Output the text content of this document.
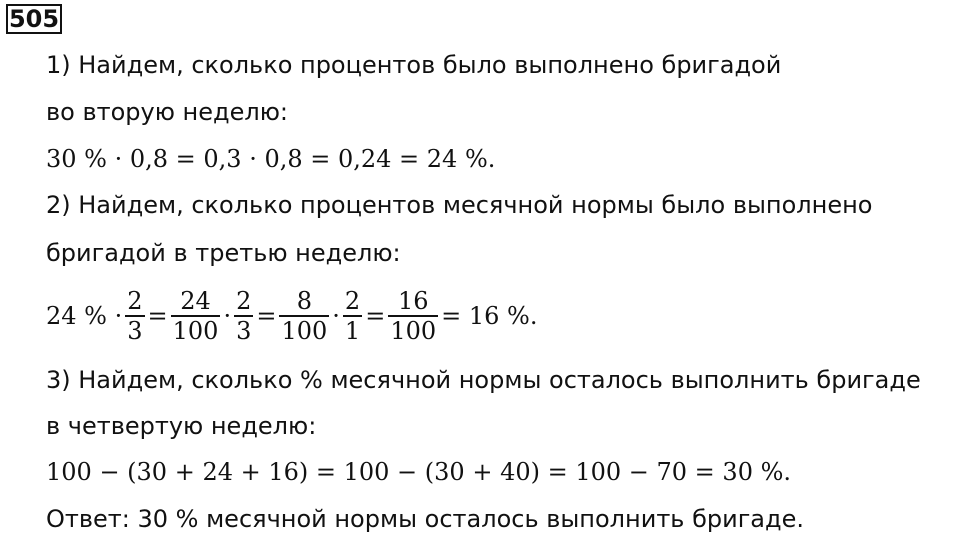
505
1) Найдем, сколько процентов было выполнено бригадой
во вторую неделю:
30 % · 0,8 = 0,3 · 0,8 = 0,24 = 24 %.
2) Найдем, сколько процентов месячной нормы было выполнено
бригадой в третью неделю:
24 % · $\frac{2}{3} = \frac{24}{100} \cdot \frac{2}{3} = \frac{8}{100} \cdot \frac{2}{1} = \frac{16}{100} = 16$ %.
3) Найдем, сколько % месячной нормы осталось выполнить бригаде
в четвертую неделю:
100 − (30 + 24 + 16) = 100 − (30 + 40) = 100 − 70 = 30 %.
Ответ: 30 % месячной нормы осталось выполнить бригаде.
